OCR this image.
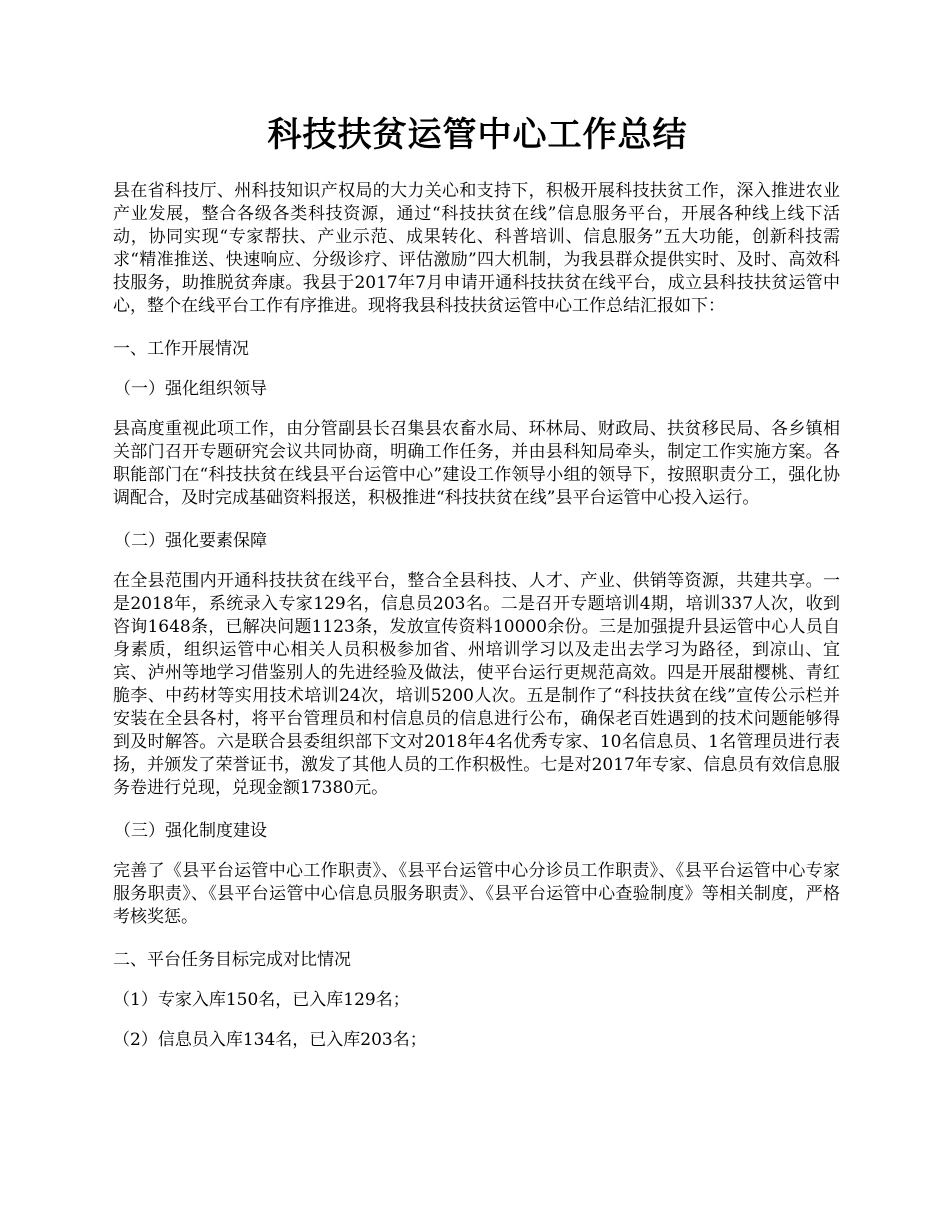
科技扶贫运管中心工作总结

县在省科技厅、州科技知识产权局的大力关心和支持下，积极开展科技扶贫工作，深入推进农业产业发展，整合各级各类科技资源，通过“科技扶贫在线”信息服务平台，开展各种线上线下活动，协同实现“专家帮扶、产业示范、成果转化、科普培训、信息服务”五大功能，创新科技需求“精准推送、快速响应、分级诊疗、评估激励”四大机制，为我县群众提供实时、及时、高效科技服务，助推脱贫奔康。我县于2017年7月申请开通科技扶贫在线平台，成立县科技扶贫运管中心，整个在线平台工作有序推进。现将我县科技扶贫运管中心工作总结汇报如下：

一、工作开展情况

（一）强化组织领导

县高度重视此项工作，由分管副县长召集县农畜水局、环林局、财政局、扶贫移民局、各乡镇相关部门召开专题研究会议共同协商，明确工作任务，并由县科知局牵头，制定工作实施方案。各职能部门在“科技扶贫在线县平台运管中心”建设工作领导小组的领导下，按照职责分工，强化协调配合，及时完成基础资料报送，积极推进“科技扶贫在线”县平台运管中心投入运行。

（二）强化要素保障

在全县范围内开通科技扶贫在线平台，整合全县科技、人才、产业、供销等资源，共建共享。一是2018年，系统录入专家129名，信息员203名。二是召开专题培训4期，培训337人次，收到咨询1648条，已解决问题1123条，发放宣传资料10000余份。三是加强提升县运管中心人员自身素质，组织运管中心相关人员积极参加省、州培训学习以及走出去学习为路径，到凉山、宜宾、泸州等地学习借鉴别人的先进经验及做法，使平台运行更规范高效。四是开展甜樱桃、青红脆李、中药材等实用技术培训24次，培训5200人次。五是制作了“科技扶贫在线”宣传公示栏并安装在全县各村，将平台管理员和村信息员的信息进行公布，确保老百姓遇到的技术问题能够得到及时解答。六是联合县委组织部下文对2018年4名优秀专家、10名信息员、1名管理员进行表扬，并颁发了荣誉证书，激发了其他人员的工作积极性。七是对2017年专家、信息员有效信息服务卷进行兑现，兑现金额17380元。

（三）强化制度建设

完善了《县平台运管中心工作职责》、《县平台运管中心分诊员工作职责》、《县平台运管中心专家服务职责》、《县平台运管中心信息员服务职责》、《县平台运管中心查验制度》等相关制度，严格考核奖惩。

二、平台任务目标完成对比情况

（1）专家入库150名，已入库129名；

（2）信息员入库134名，已入库203名；
